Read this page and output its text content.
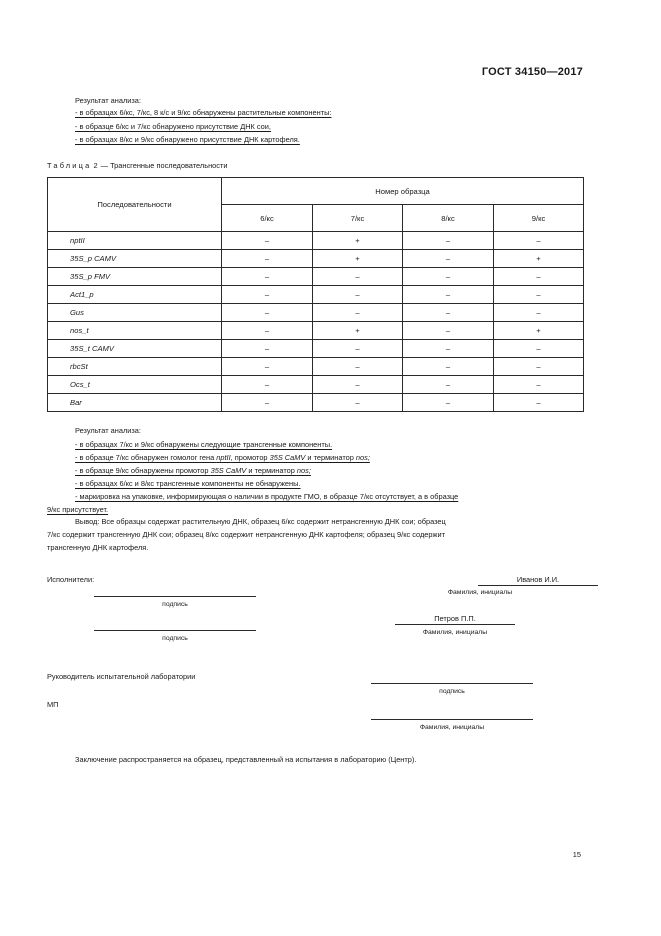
ГОСТ 34150—2017
Результат анализа:
- в образцах 6/кс, 7/кс, 8 к/с и 9/кс обнаружены растительные компоненты:
- в образце 6/кс и 7/кс обнаружено присутствие ДНК сои,
- в образцах 8/кс и 9/кс обнаружено присутствие ДНК картофеля.
Таблица 2 — Трансгенные последовательности
Последовательности	Номер образца			
	6/кс	7/кс	8/кс	9/кс
nptII	–	+	–	–
35S_p CAMV	–	+	–	+
35S_p FMV	–	–	–	–
Act1_p	–	–	–	–
Gus	–	–	–	–
nos_t	–	+	–	+
35S_t CAMV	–	–	–	–
rbcSt	–	–	–	–
Ocs_t	–	–	–	–
Bar	–	–	–	–
Результат анализа:
- в образцах 7/кс и 9/кс обнаружены следующие трансгенные компоненты.
- в образце 7/кс обнаружен гомолог гена nptII, промотор 35S CaMV и терминатор nos;
- в образце 9/кс обнаружены промотор 35S CaMV и терминатор nos;
- в образцах 6/кс и 8/кс трансгенные компоненты не обнаружены.
- маркировка на упаковке, информирующая о наличии в продукте ГМО, в образце 7/кс отсутствует, а в образце
9/кс присутствует.
Вывод: Все образцы содержат растительную ДНК, образец 6/кс содержит нетрансгенную ДНК сои; образец
7/кс содержит трансгенную ДНК сои; образец 8/кс содержит нетрансгенную ДНК картофеля; образец 9/кс содержит
трансгенную ДНК картофеля.
Исполнители:	Иванов И.И.
Фамилия, инициалы
подпись
Петров П.П.
Фамилия, инициалы
подпись
Руководитель испытательной лаборатории
подпись
МП
Фамилия, инициалы
Заключение распространяется на образец, представленный на испытания в лабораторию (Центр).
15
